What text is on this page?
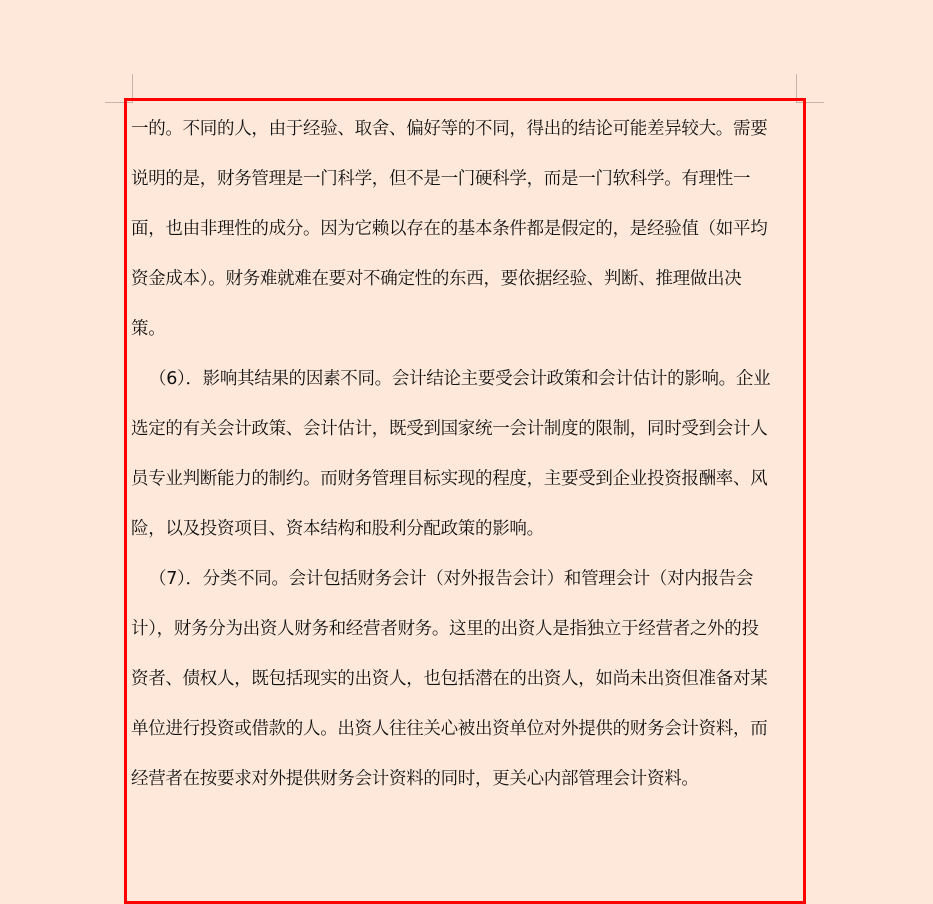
一的。不同的人，由于经验、取舍、偏好等的不同，得出的结论可能差异较大。需要
说明的是，财务管理是一门科学，但不是一门硬科学，而是一门软科学。有理性一
面，也由非理性的成分。因为它赖以存在的基本条件都是假定的，是经验值（如平均
资金成本）。财务难就难在要对不确定性的东西，要依据经验、判断、推理做出决
策。
（6）．影响其结果的因素不同。会计结论主要受会计政策和会计估计的影响。企业
选定的有关会计政策、会计估计，既受到国家统一会计制度的限制，同时受到会计人
员专业判断能力的制约。而财务管理目标实现的程度，主要受到企业投资报酬率、风
险，以及投资项目、资本结构和股利分配政策的影响。
（7）．分类不同。会计包括财务会计（对外报告会计）和管理会计（对内报告会
计），财务分为出资人财务和经营者财务。这里的出资人是指独立于经营者之外的投
资者、债权人，既包括现实的出资人，也包括潜在的出资人，如尚未出资但准备对某
单位进行投资或借款的人。出资人往往关心被出资单位对外提供的财务会计资料，而
经营者在按要求对外提供财务会计资料的同时，更关心内部管理会计资料。
